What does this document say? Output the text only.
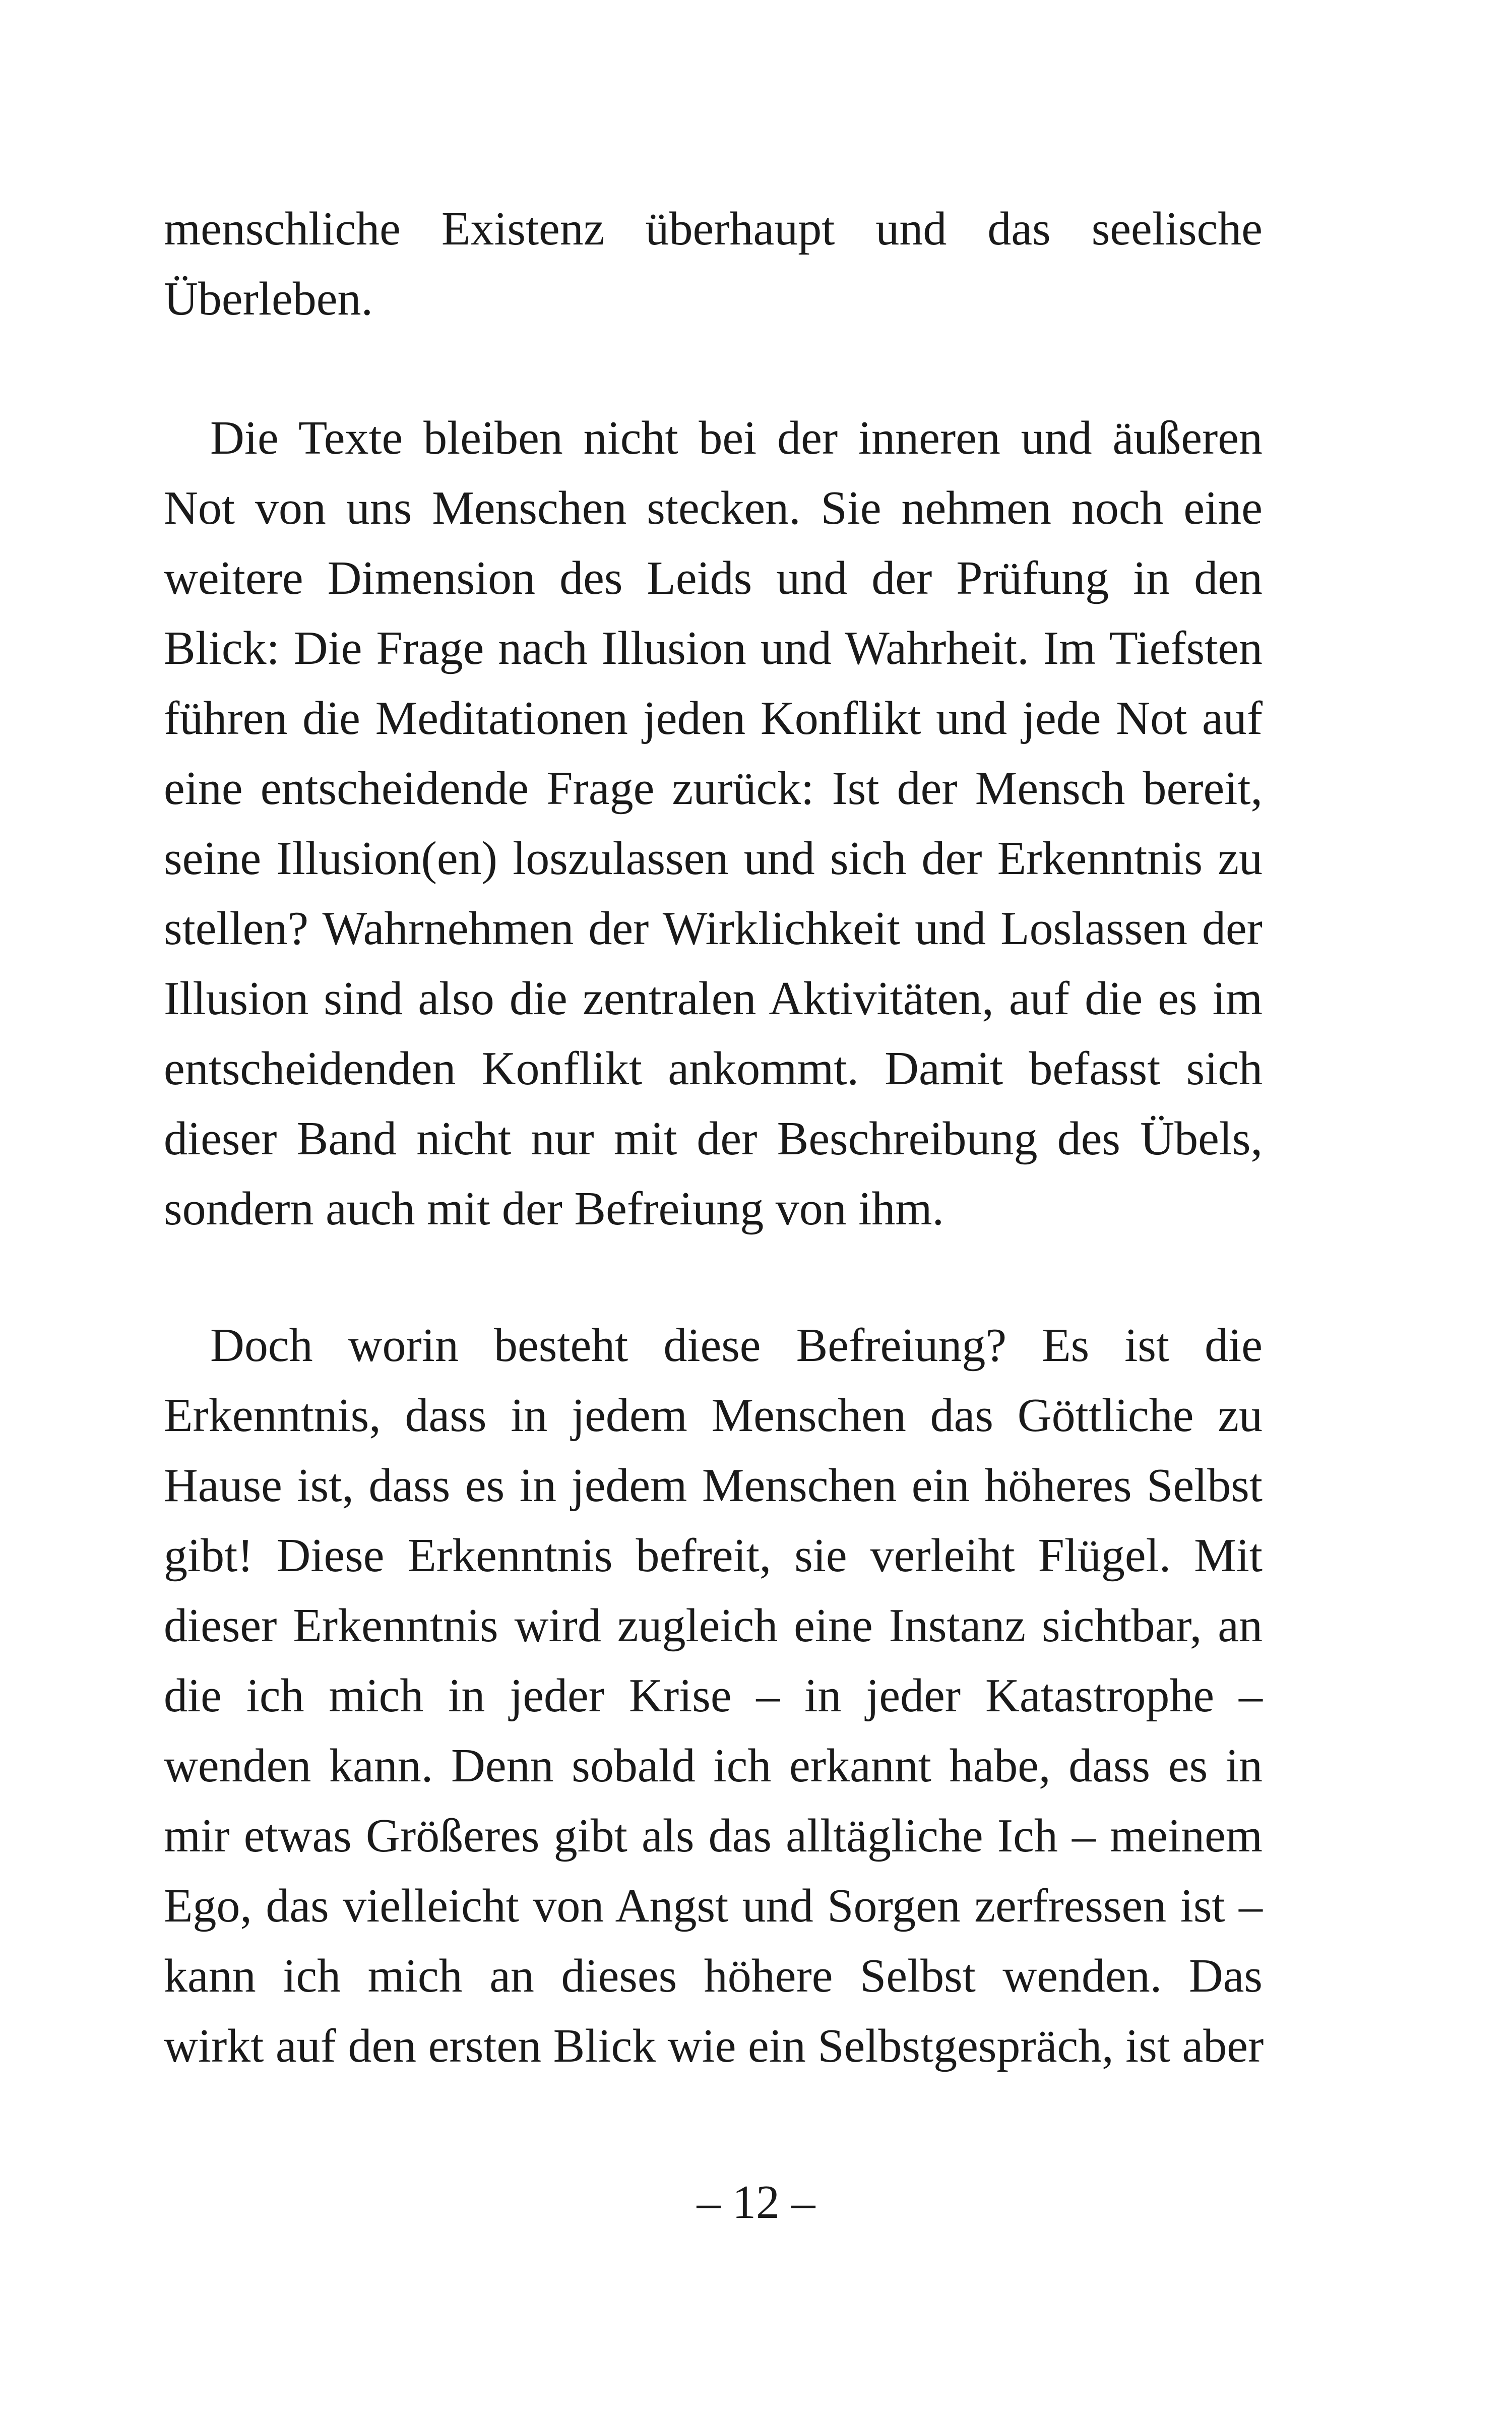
menschliche Existenz überhaupt und das seelische
Überleben.
Die Texte bleiben nicht bei der inneren und äußeren
Not von uns Menschen stecken. Sie nehmen noch eine
weitere Dimension des Leids und der Prüfung in den
Blick: Die Frage nach Illusion und Wahrheit. Im Tiefsten
führen die Meditationen jeden Konflikt und jede Not auf
eine entscheidende Frage zurück: Ist der Mensch bereit,
seine Illusion(en) loszulassen und sich der Erkenntnis zu
stellen? Wahrnehmen der Wirklichkeit und Loslassen der
Illusion sind also die zentralen Aktivitäten, auf die es im
entscheidenden Konflikt ankommt. Damit befasst sich
dieser Band nicht nur mit der Beschreibung des Übels,
sondern auch mit der Befreiung von ihm.
Doch worin besteht diese Befreiung? Es ist die
Erkenntnis, dass in jedem Menschen das Göttliche zu
Hause ist, dass es in jedem Menschen ein höheres Selbst
gibt! Diese Erkenntnis befreit, sie verleiht Flügel. Mit
dieser Erkenntnis wird zugleich eine Instanz sichtbar, an
die ich mich in jeder Krise – in jeder Katastrophe –
wenden kann. Denn sobald ich erkannt habe, dass es in
mir etwas Größeres gibt als das alltägliche Ich – meinem
Ego, das vielleicht von Angst und Sorgen zerfressen ist –
kann ich mich an dieses höhere Selbst wenden. Das
wirkt auf den ersten Blick wie ein Selbstgespräch, ist aber
– 12 –
